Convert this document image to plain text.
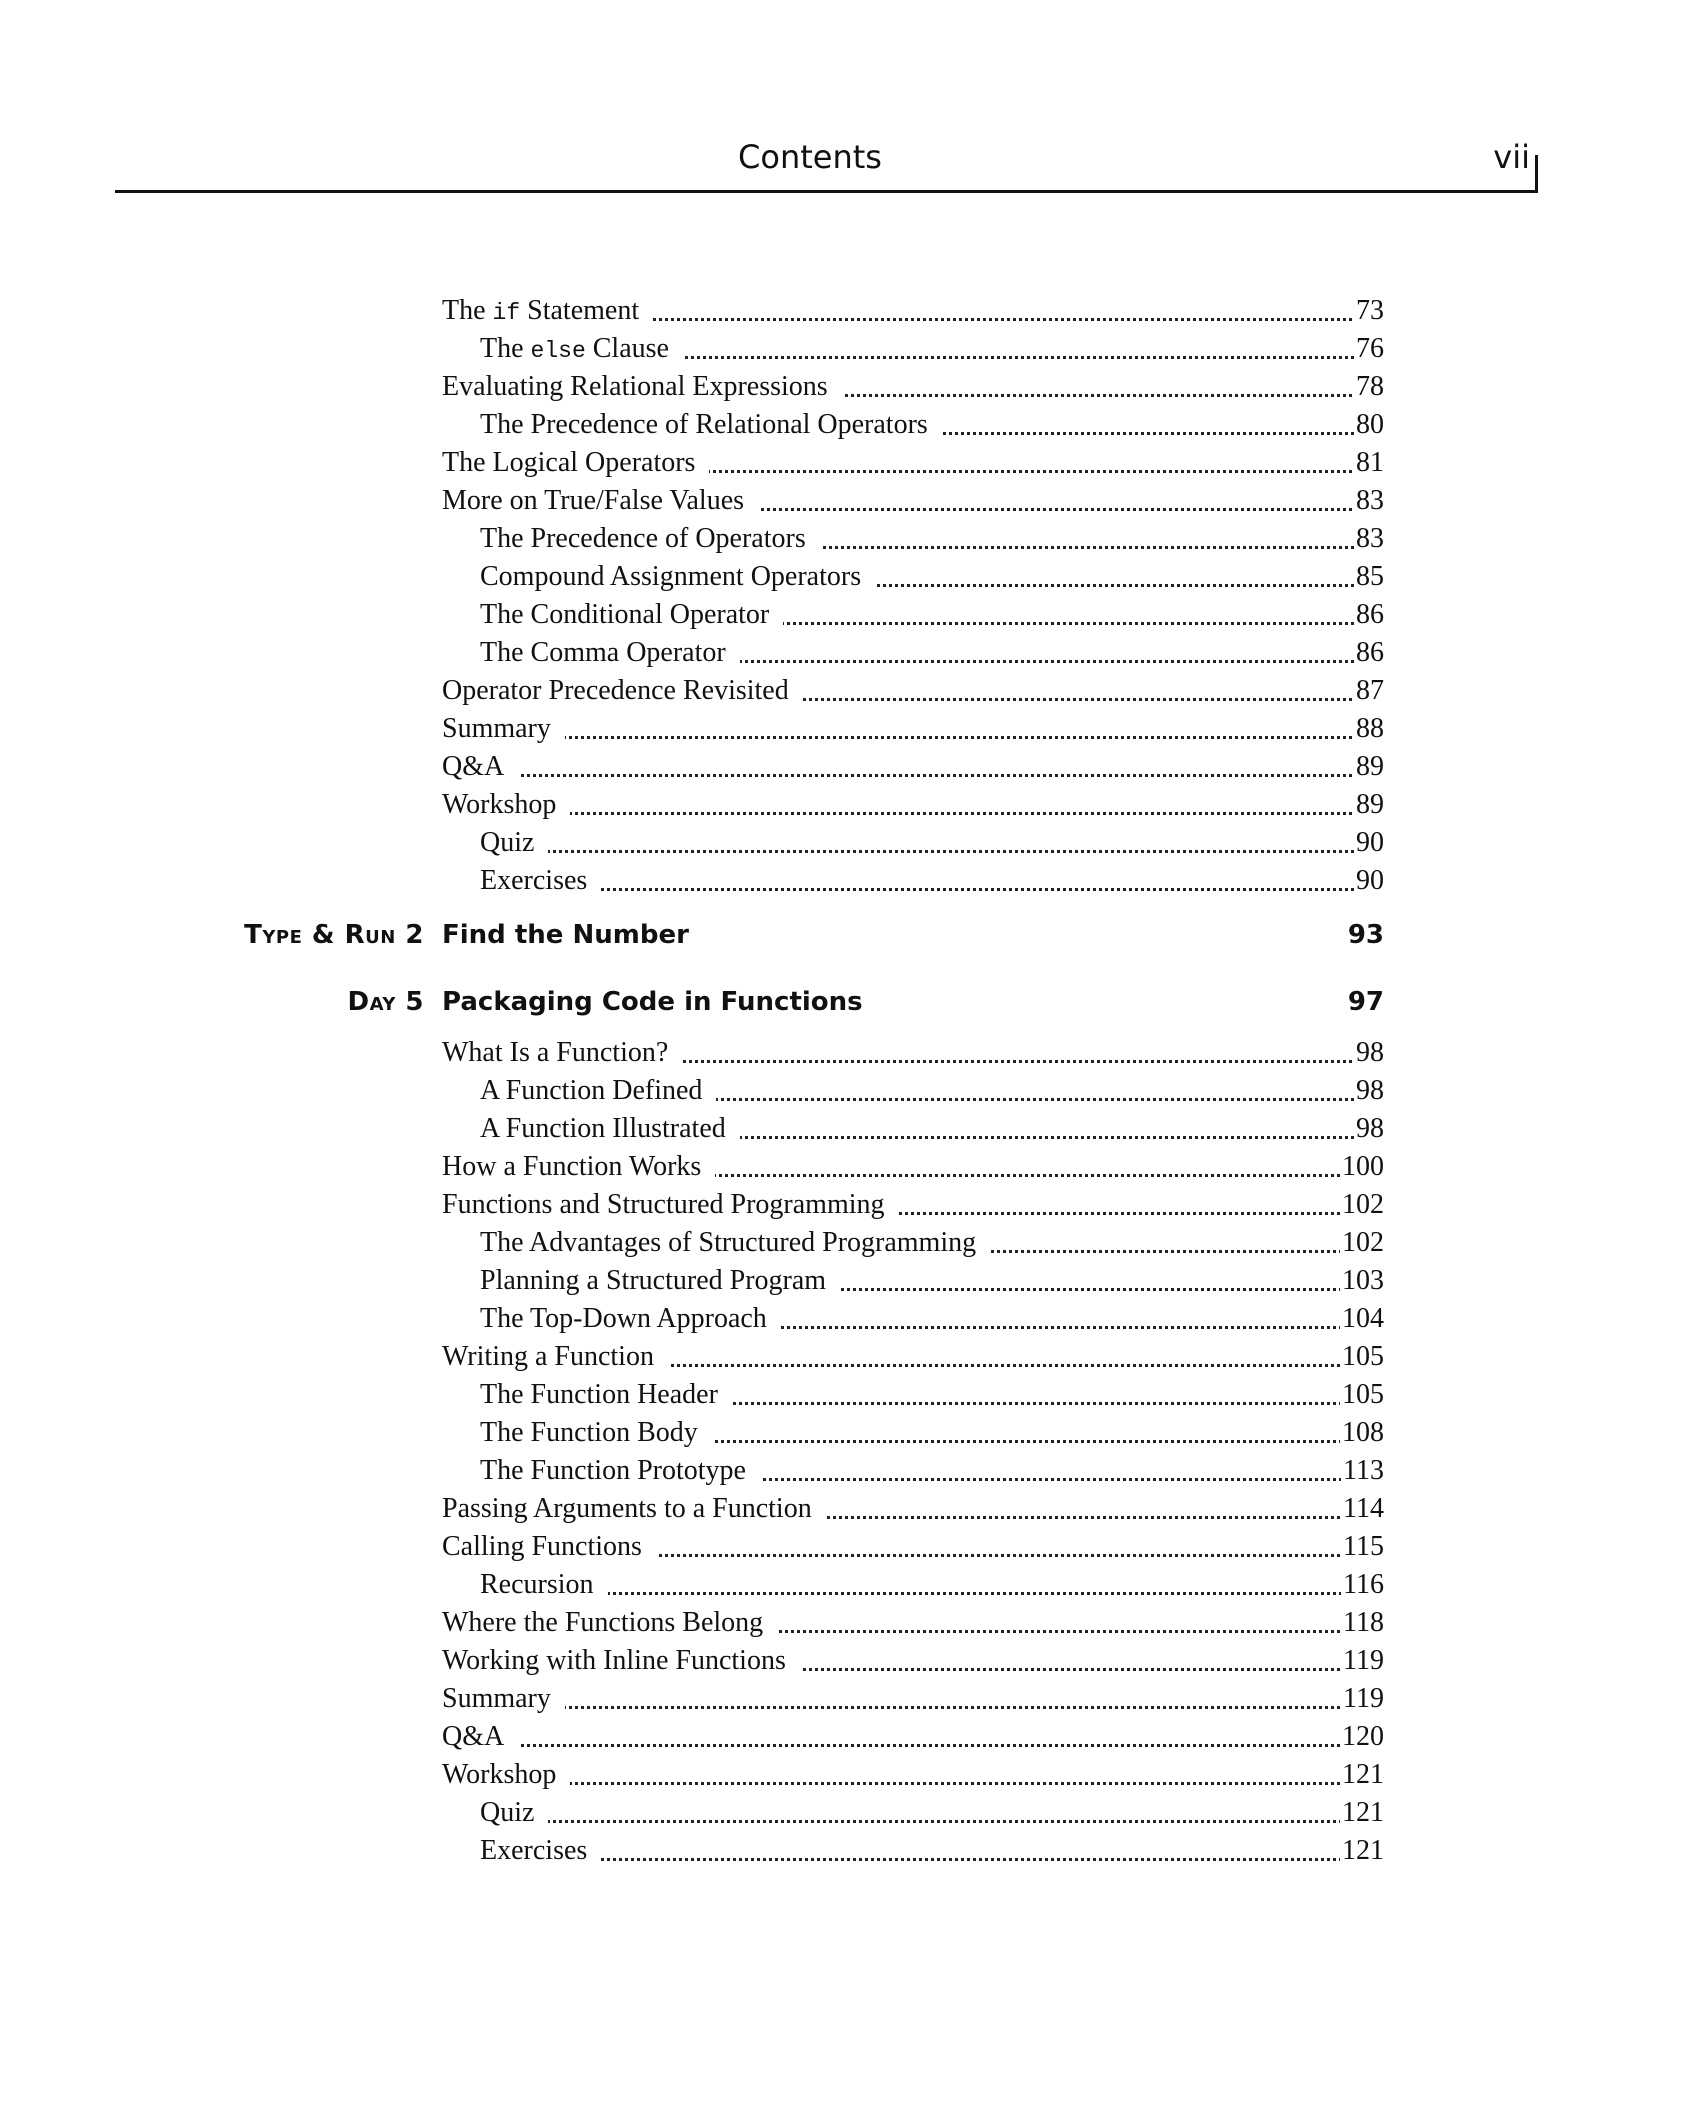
Contents	vii
The if Statement	73
The else Clause	76
Evaluating Relational Expressions	78
The Precedence of Relational Operators	80
The Logical Operators	81
More on True/False Values	83
The Precedence of Operators	83
Compound Assignment Operators	85
The Conditional Operator	86
The Comma Operator	86
Operator Precedence Revisited	87
Summary	88
Q&A	89
Workshop	89
Quiz	90
Exercises	90
Type & Run 2 Find the Number	93
Day 5 Packaging Code in Functions	97
What Is a Function?	98
A Function Defined	98
A Function Illustrated	98
How a Function Works	100
Functions and Structured Programming	102
The Advantages of Structured Programming	102
Planning a Structured Program	103
The Top-Down Approach	104
Writing a Function	105
The Function Header	105
The Function Body	108
The Function Prototype	113
Passing Arguments to a Function	114
Calling Functions	115
Recursion	116
Where the Functions Belong	118
Working with Inline Functions	119
Summary	119
Q&A	120
Workshop	121
Quiz	121
Exercises	121
